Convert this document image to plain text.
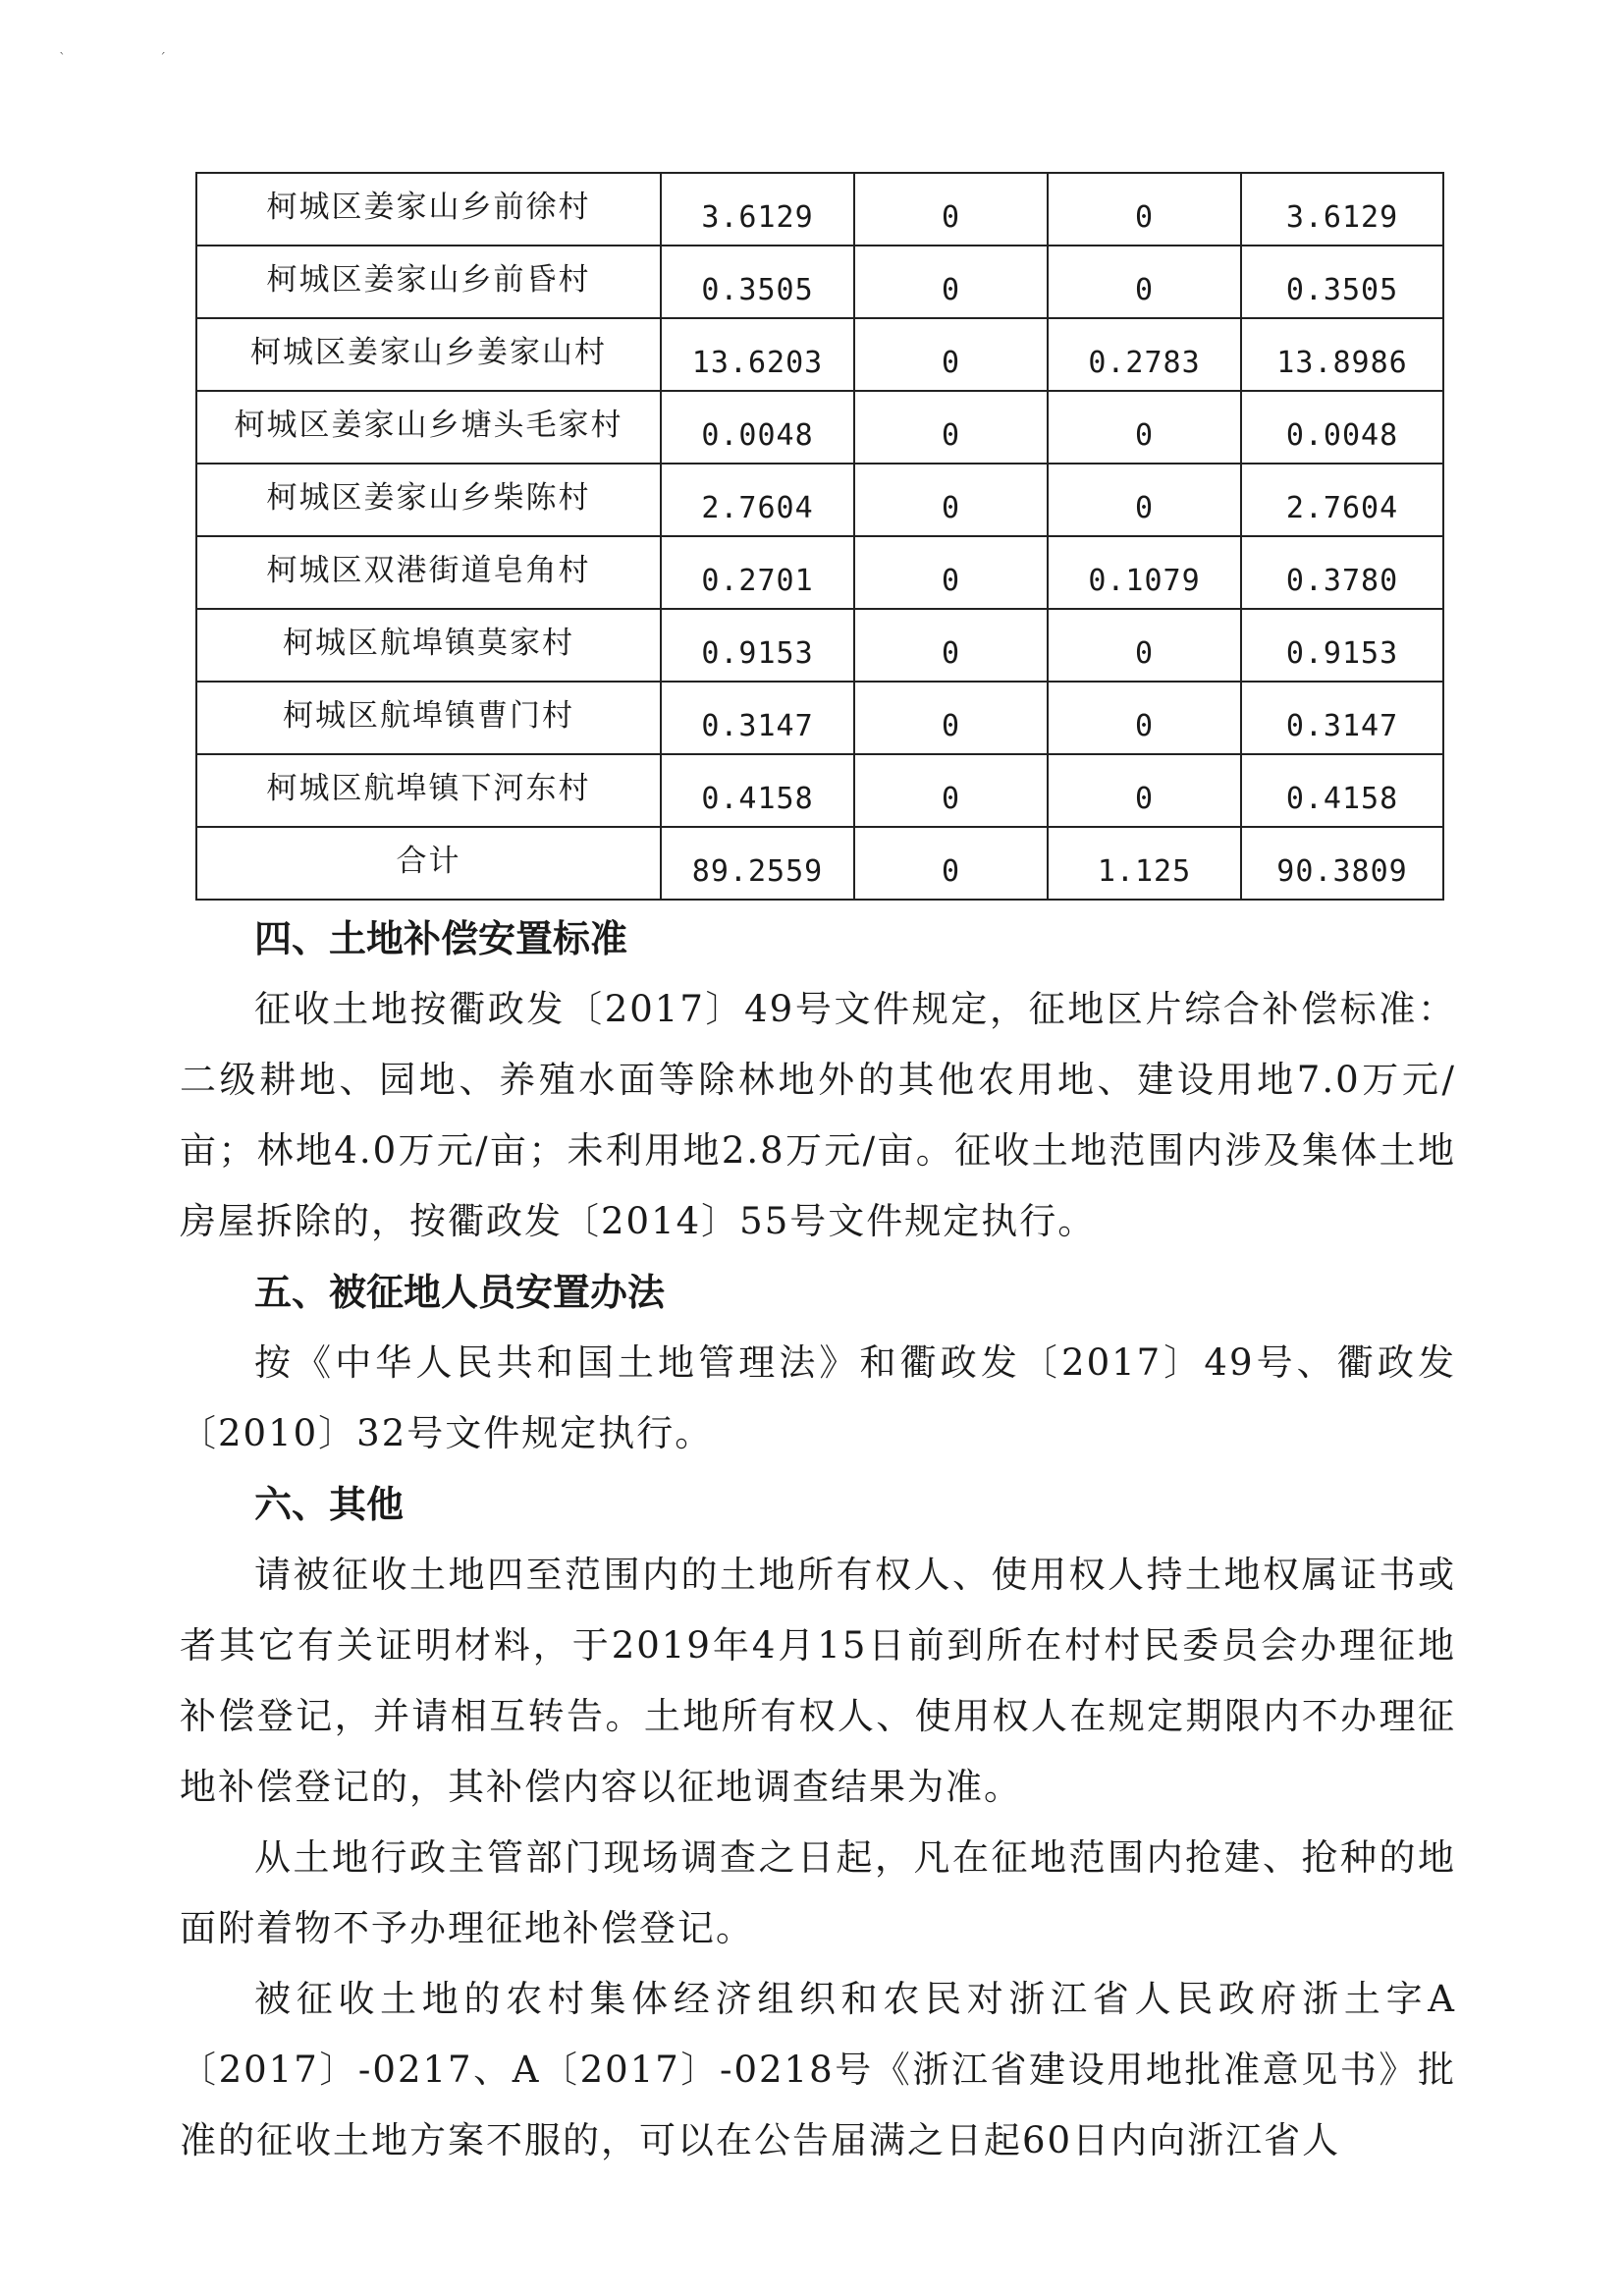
ˋ	ˊ
柯城区姜家山乡前徐村	3.6129	0	0	3.6129
柯城区姜家山乡前昏村	0.3505	0	0	0.3505
柯城区姜家山乡姜家山村	13.6203	0	0.2783	13.8986
柯城区姜家山乡塘头毛家村	0.0048	0	0	0.0048
柯城区姜家山乡柴陈村	2.7604	0	0	2.7604
柯城区双港街道皂角村	0.2701	0	0.1079	0.3780
柯城区航埠镇莫家村	0.9153	0	0	0.9153
柯城区航埠镇曹门村	0.3147	0	0	0.3147
柯城区航埠镇下河东村	0.4158	0	0	0.4158
合计	89.2559	0	1.125	90.3809

四、土地补偿安置标准

征收土地按衢政发〔2017〕49号文件规定，征地区片综合补偿标准：二级耕地、园地、养殖水面等除林地外的其他农用地、建设用地7.0万元/亩；林地4.0万元/亩；未利用地2.8万元/亩。征收土地范围内涉及集体土地房屋拆除的，按衢政发〔2014〕55号文件规定执行。

五、被征地人员安置办法

按《中华人民共和国土地管理法》和衢政发〔2017〕49号、衢政发〔2010〕32号文件规定执行。

六、其他

请被征收土地四至范围内的土地所有权人、使用权人持土地权属证书或者其它有关证明材料，于2019年4月15日前到所在村村民委员会办理征地补偿登记，并请相互转告。土地所有权人、使用权人在规定期限内不办理征地补偿登记的，其补偿内容以征地调查结果为准。

从土地行政主管部门现场调查之日起，凡在征地范围内抢建、抢种的地面附着物不予办理征地补偿登记。

被征收土地的农村集体经济组织和农民对浙江省人民政府浙土字A〔2017〕-0217、A〔2017〕-0218号《浙江省建设用地批准意见书》批准的征收土地方案不服的，可以在公告届满之日起60日内向浙江省人
